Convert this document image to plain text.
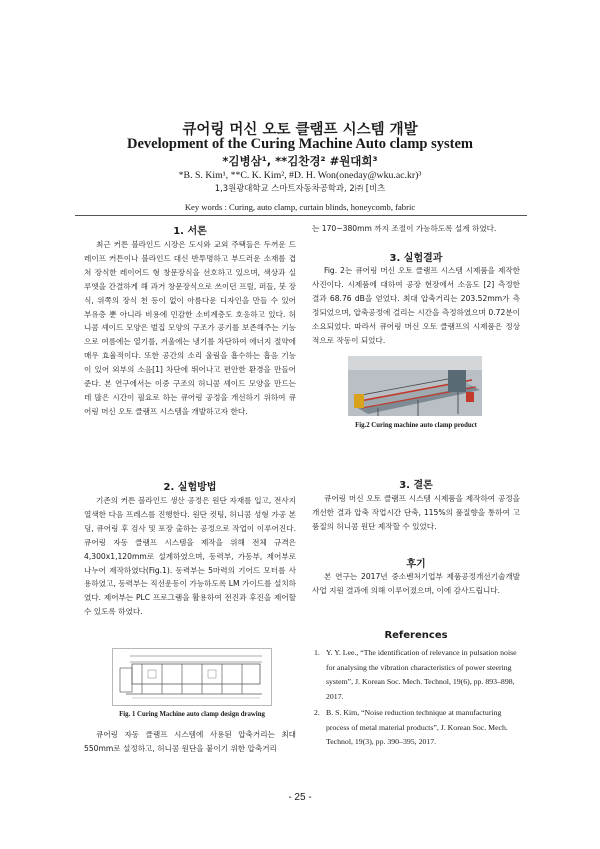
큐어링 머신 오토 클램프 시스템 개발
Development of the Curing Machine Auto clamp system
*김병삼¹, **김찬경² #원대희³
*B. S. Kim¹, **C. K. Kim², #D. H. Won(oneday@wku.ac.kr)³
1,3원광대학교 스마트자동차공학과, 2㈜ [비츠
Key words : Curing, auto clamp, curtain blinds, honeycomb, fabric
1. 서론

최근 커튼 블라인드 시장은 도시와 교외 주택들은 두꺼운 드레이프 커튼이나 블라인드 대신 반투명하고 부드러운 소재를 겹쳐 장식한 레이어드 형 창문장식을 선호하고 있으며, 색상과 실루엣을 간결하게 해 과거 창문장식으로 쓰이던 프릴, 퍼들, 붓 장식, 위쪽의 장식 천 등이 없이 아름다운 디자인을 만들 수 있어 부유층 뿐 아니라 비용에 민감한 소비계층도 호응하고 있다. 허니콤 셰이드 모양은 벌집 모양의 구조가 공기를 보존해주는 기능으로 여름에는 열기를, 겨울에는 냉기를 차단하여 에너지 절약에 매우 효율적이다. 또한 공간의 소리 울림을 흡수하는 흡음 기능이 있어 외부의 소음[1] 차단에 뛰어나고 편안한 환경을 만들어준다. 본 연구에서는 이중 구조의 허니콤 셰이드 모양을 만드는데 많은 시간이 필요로 하는 큐어링 공정을 개선하기 위하여 큐어링 머신 오토 클램프 시스템을 개발하고자 한다.

2. 실험방법

기존의 커튼 블라인드 생산 공정은 원단 자재를 입고, 전사지 열색한 다음 프레스를 진행한다. 원단 컷팅, 허니콤 성형 가공 본딩, 큐어링 후 검사 및 포장 출하는 공정으로 작업이 이루어진다. 큐어링 자동 클램프 시스템을 제작을 위해 전체 규격은 4,300x1,120mm로 설계하였으며, 동력부, 가동부, 제어부로 나누어 제작하였다(Fig.1). 동력부는 5마력의 기어드 모터를 사용하였고, 동력부는 직선운동이 가능하도록 LM 가이드를 설치하였다. 제어부는 PLC 프로그램을 활용하여 전진과 후진을 제어할 수 있도록 하였다.

Fig. 1 Curing Machine auto clamp design drawing

큐어링 자동 클램프 시스템에 사용된 압축거리는 최대 550mm로 설정하고, 허니콤 원단을 붙이기 위한 압축거리

는 170~380mm 까지 조절이 가능하도록 설계 하였다.

3. 실험결과

Fig. 2는 큐어링 머신 오토 클램프 시스템 시제품을 제작한 사진이다. 시제품에 대하여 공장 현장에서 소음도 [2] 측정한 결과 68.76 dB을 얻었다. 최대 압축거리는 203.52mm가 측정되었으며, 압축공정에 걸리는 시간을 측정하였으며 0.72분이 소요되었다. 따라서 큐어링 머신 오토 클램프의 시제품은 정상적으로 작동이 되었다.

Fig.2 Curing machine auto clamp product
3. 결론

큐어링 머신 오토 클램프 시스템 시제품을 제작하여 공정을 개선한 결과 압축 작업시간 단축, 115%의 품질향을 통하여 고품질의 허니콤 원단 제작할 수 있었다.

후기

본 연구는 2017년 중소벤처기업부 제품공정개선기술개발사업 지원 결과에 의해 이루어졌으며, 이에 감사드립니다.

References
1. Y. Y. Lee., “The identification of relevance in pulsation noise for analysing the vibration characteristics of power steering system”, J. Korean Soc. Mech. Technol, 19(6), pp. 893–898, 2017.
2. B. S. Kim, “Noise reduction technique at manufacturing process of metal material products”, J. Korean Soc. Mech. Technol, 19(3), pp. 390–395, 2017.
- 25 -
